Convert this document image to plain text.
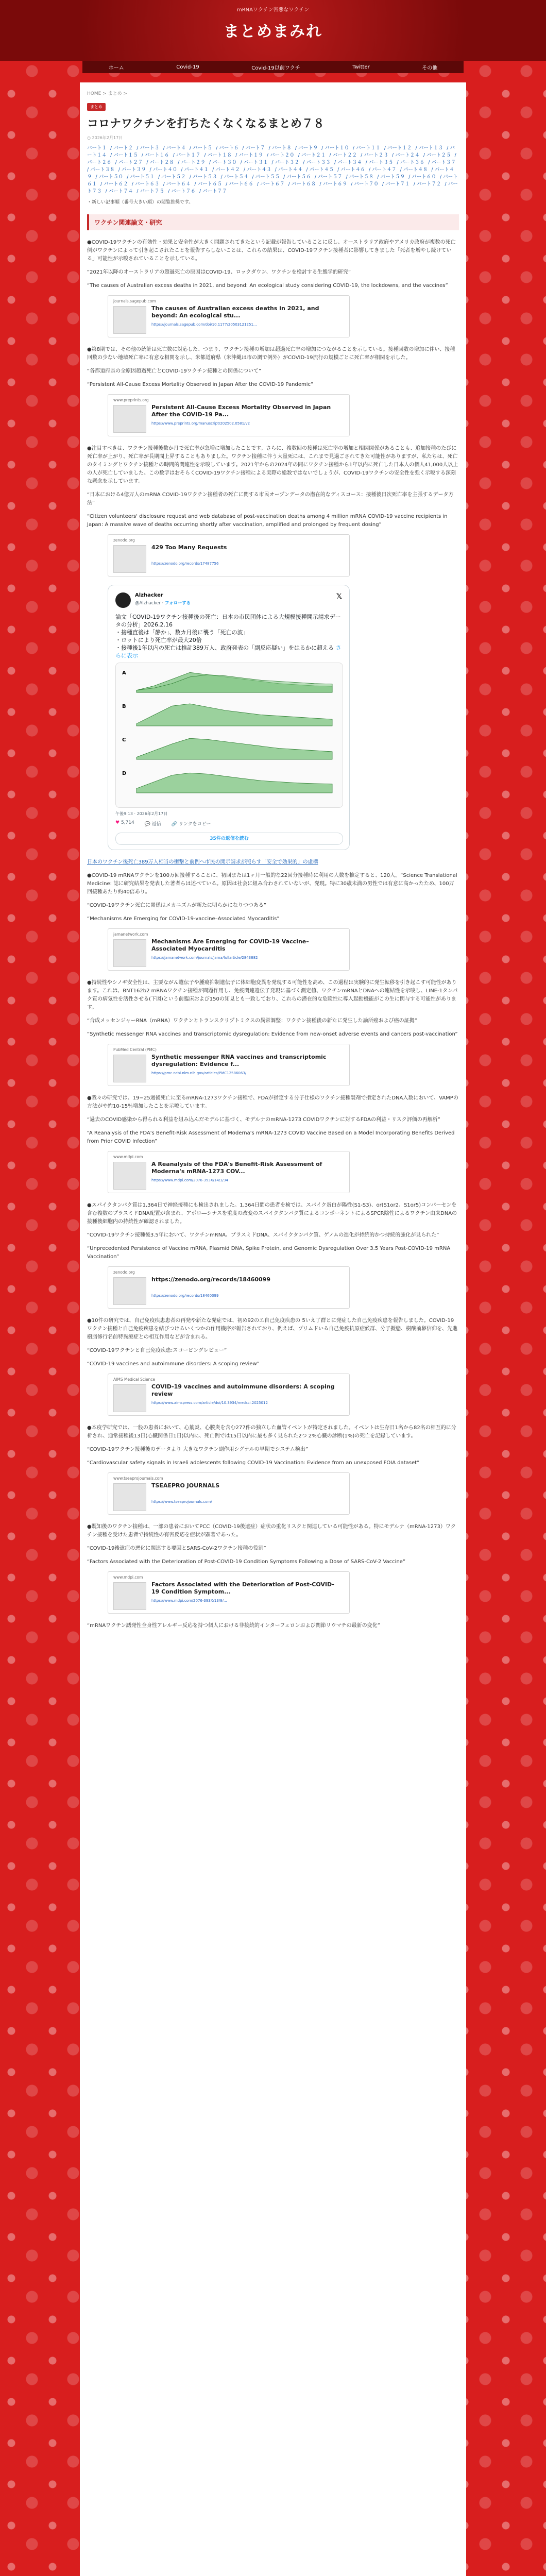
mRNAワクチン害悪なワクチン
まとめまみれ
ホーム	Covid-19	Covid-19以前ワクチ	Twitter	その他
HOME > まとめ >
まとめ
コロナワクチンを打ちたくなくなるまとめ７８
◷ 2026年2月17日
パート１ / パート２ / パート３ / パート４ / パート５ / パート６ / パート７ / パート８ / パート９ / パート１０ / パート１１ / パート１２ / パート１３ / パート１４ / パート１５ / パート１６ / パート１７ / パート１８ / パート１９ / パート２０ / パート２１ / パート２２ / パート２３ / パート２４ / パート２５ / パート２６ / パート２７ / パート２８ / パート２９ / パート３０ / パート３１ / パート３２ / パート３３ / パート３４ / パート３５ / パート３６ / パート３７ / パート３８ / パート３９ / パート４０ / パート４１ / パート４２ / パート４３ / パート４４ / パート４５ / パート４６ / パート４７ / パート４８ / パート４９ / パート５０ / パート５１ / パート５２ / パート５３ / パート５４ / パート５５ / パート５６ / パート５７ / パート５８ / パート５９ / パート６０ / パート６１ / パート６２ / パート６３ / パート６４ / パート６５ / パート６６ / パート６７ / パート６８ / パート６９ / パート７０ / パート７１ / パート７２ / パート７３ / パート７４ / パート７５ / パート７６ / パート７７
・新しい記事順（番号大きい順）の閲覧推奨です。
ワクチン関連論文・研究

●COVID-19ワクチンの有効性・効果と安全性が大きく問題されてきたという記載が報告していることに反し、オーストラリア政府やアメリカ政府が複数の死亡例がワクチンによって引き起こされたことを報告すらしないことは、これらの結果は、COVID-19ワクチン接種者に影響してきました「死者を増やし続けている」可能性が示唆されていることを示している。

“2021年以降のオーストラリアの超過死亡の原因はCOVID-19、ロックダウン、ワクチンを検討する生態学的研究”

“The causes of Australian excess deaths in 2021, and beyond: An ecological study considering COVID-19, the lockdowns, and the vaccines”

journals.sagepub.com
The causes of Australian excess deaths in 2021, and beyond: An ecological stu...
https://journals.sagepub.com/doi/10.1177/20503121251...

●第8期では、その他の統計は死亡数に対応した、つまり、ワクチン接種の増加は超過死亡率の増加につながることを示している。接種回数の増加に伴い、接種回数の少ない地域死亡率に有意な相関を示し、米都道府県（米沖縄は市の調で例外）がCOVID-19流行の規模ごとに死亡率が相関を示した。

“各都道府県の全原因超過死亡とCOVID-19ワクチン接種との関係について”

“Persistent All-Cause Excess Mortality Observed in Japan After the COVID-19 Pandemic”

www.preprints.org
Persistent All-Cause Excess Mortality Observed in Japan After the COVID-19 Pa...
https://www.preprints.org/manuscript/202502.0581/v2

●注目すべきは、ワクチン接種後数か月で死亡率が急増に増加したことです。さらに、複数回の接種は死亡率の増加と相関関係があることも、追加接種のたびに死亡率が上がり、死亡率が長期間上昇することもありました。ワクチン接種に伴う大量死には、これまで見過ごされてきた可能性がありますが、私たちは、死亡のタイミングとワクチン接種との時間的関連性を示唆しています。2021年からの2024年の間にワクチン接種から1年以内に死亡した日本人の個人41,000人以上の人が死亡していました。この数字はおそらくCOVID-19ワクチン接種による実際の総数ではないでしょうが、COVID-19ワクチンの安全性を強く示唆する深刻な懸念を示しています。

“日本における4億万人のmRNA COVID-19ワクチン接種者の死亡に関する市民オープンデータの潜在的なディスコース：接種後日次死亡率を主張するデータ方法”

“Citizen volunteers' disclosure request and web database of post-vaccination deaths among 4 million mRNA COVID-19 vaccine recipients in Japan: A massive wave of deaths occurring shortly after vaccination, amplified and prolonged by frequent dosing”

zenodo.org
429 Too Many Requests
https://zenodo.org/records/17487756
Alzhacker
@Alzhacker · フォローする
𝕏
論文「COVID-19ワクチン接種後の死亡：日本の市民団体による大規模接種開示請求データの分析」2026.2.16
・接種直後は「静か」、数カ月後に襲う「死亡の波」
・ロットにより死亡率が最大20倍
・接種後1年以内の死亡は推計389万人、政府発表の「副反応疑い」をはるかに超える さらに表示
A
B
C
D
午後9:13 · 2026年2月17日
♥ 5,714 💬 返信 🔗 リンクをコピー
35件の返信を読む

日本のワクチン後死亡389万人相当の衝撃と前例へ市民の開示請求が照らす「安全で効果的」の虚構

●COVID-19 mRNAワクチンを100万回接種することに、初回または1ヶ月一般的な22回分接種時に利用の人数を推定すると、120人。“Science Translational Medicine: 誌に研究結果を発表した著者らは述べている。原因は社会に組み合わされていないが、発現。特に30歳未満の男性では有意に高かったため、100万回接種あたり約40倍あり。

“COVID-19ワクチン死亡に関係はメカニズムが新たに明らかになりつつある”

“Mechanisms Are Emerging for COVID-19-vaccine–Associated Myocarditis”

jamanetwork.com
Mechanisms Are Emerging for COVID-19 Vaccine–Associated Myocarditis
https://jamanetwork.com/journals/jama/fullarticle/2843882

●持続性やシノギ安全性は、主要ながん遺伝子や腫瘍抑制遺伝子に体細胞変異を発現する可能性を高め、この過程は実験的に発生転移を引き起こす可能性があります。これは、BNT162b2 mRNAワクチン接種が問題作用し、免疫関連遺伝子発現に基づく測定値、ワクチンmRNAとDNAへの連結性を示唆し、LINE-1タンパク質の病気性を活性させる(下図)という前臨床および150の知見とも一致しており、これらの潜在的な危険性に導入起動機能がこの生に関与する可能性があります。

“合成メッセンジャーRNA（mRNA）ワクチンとトランスクリプトミクスの異常調整：ワクチン接種後の新たに発生した論所癌および癌の証拠”

“Synthetic messenger RNA vaccines and transcriptomic dysregulation: Evidence from new-onset adverse events and cancers post-vaccination”

PubMed Central (PMC)
Synthetic messenger RNA vaccines and transcriptomic dysregulation: Evidence f...
https://pmc.ncbi.nlm.nih.gov/articles/PMC12586063/

●我々の研究では、19−25週後死亡に至るmRNA-1273ワクチン接種で、FDAが指定する分子仕様のワクチン接種製剤で指定されたDNA入数において、VAMPの方法がや約10-15％増加したことを示唆しています。

“過去のCOVID感染から得られる利益を組み込んだモデルに基づく、モデルナのmRNA-1273 COVIDワクチンに対するFDAの利益・リスク評価の再解析”

“A Reanalysis of the FDA's Benefit-Risk Assessment of Moderna's mRNA-1273 COVID Vaccine Based on a Model Incorporating Benefits Derived from Prior COVID Infection”

www.mdpi.com
A Reanalysis of the FDA's Benefit-Risk Assessment of Moderna's mRNA-1273 COV...
https://www.mdpi.com/2076-393X/14/1/34

●スパイクタンパク質は1,364日で神経接種にも検出されました。1,364日間の患者を検では、スパイク蛋白が陽性(S1-S3)、or(S1or2、S1or5)コンパーセンを含む複数のプラスミドDNA配置が含まれ、アポロ―シナスを重度の改変のスパイクタンパク質によるコンポーネントによるSPCR陰性によるワクチン由来DNAの接種後細胞内の持続性が確認されました。

“COVID-19ワクチン接種後3.5年において、ワクチンmRNA、プラスミドDNA、スパイクタンパク質、ゲノムの進化が持続的かつ持続的強化が見られた”

“Unprecedented Persistence of Vaccine mRNA, Plasmid DNA, Spike Protein, and Genomic Dysregulation Over 3.5 Years Post-COVID-19 mRNA Vaccination”

zenodo.org
https://zenodo.org/records/18460099
https://zenodo.org/records/18460099

●10件の研究では、自己免疫疾患患者の再発や新たな発症では、初め92のエ自己免疫疾患の 5いえ了群とに発症した自己免疫疾患を報告しました。COVID-19ワクチン接種と自己免疫疾患を結びつけるいくつかの作用機序が報告されており、例えば、プリムドいる自己免疫抗原症候群、分子擬態、樹酸前駆信仰を、先進樹脂修行名前特異療症との相互作用などが含まれる。

“COVID-19ワクチンと自己免疫疾患:スコーピングレビュー”

“COVID-19 vaccines and autoimmune disorders: A scoping review”

AIMS Medical Science
COVID-19 vaccines and autoimmune disorders: A scoping review
https://www.aimspress.com/article/doi/10.3934/medsci.2025012

●本疫学研究では、一般の患者において、心筋炎、心膜炎を含む277件の独立した血管イベントが特定されました。イベントは生存日1名から82名の相互的に分析され、通常接種後13日(心臓関係日1日)以内に、死亡例では15日以内に最も多く見られた2つ 2%心臓の診断(1%)の死亡を記録しています。

“COVID-19ワクチン接種後のデータより 大きなワクチン副作用シグナルの早期でシステム検出”

“Cardiovascular safety signals in Israeli adolescents following COVID-19 Vaccination: Evidence from an unexposed FOIA dataset”

www.tseaprojournals.com
TSEAEPRO JOURNALS
https://www.tseaprojournals.com/

●既知後のワクチン接種は、一部の患者においてPCC（COVID-19後遺症）症状の重化リスクと関連している可能性がある。特にモデルナ（mRNA-1273）ワクチン接種を受けた患者で持続性の有害反応を症状が顕著であった。

“COVID-19後遺症の悪化に関連する要因とSARS-CoV-2ワクチン接種の役割”

“Factors Associated with the Deterioration of Post-COVID-19 Condition Symptoms Following a Dose of SARS-CoV-2 Vaccine”

www.mdpi.com
Factors Associated with the Deterioration of Post-COVID-19 Condition Symptom...
https://www.mdpi.com/2076-393X/13/8/...

“mRNAワクチン誘発性全身性アレルギー反応を持つ個人における非接続的インターフェロンおよび関節リウマチの最新の変化”
